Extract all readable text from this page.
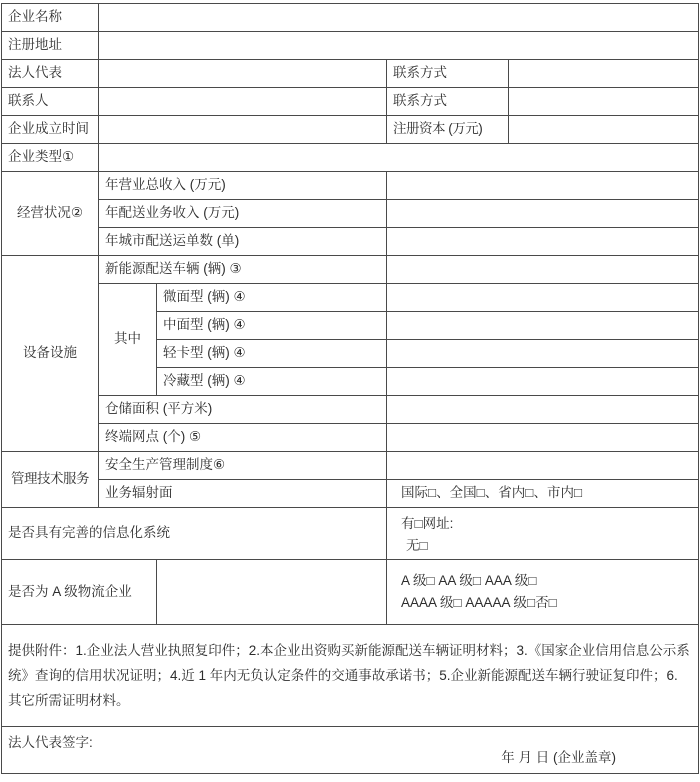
企业名称				
注册地址				
法人代表			联系方式	
联系人			联系方式	
企业成立时间			注册资本 (万元)	
企业类型①				
经营状况②	年营业总收入 (万元)			
	年配送业务收入 (万元)			
	年城市配送运单数 (单)			
设备设施	新能源配送车辆 (辆) ③			
	其中	微面型 (辆) ④		
		中面型 (辆) ④		
		轻卡型 (辆) ④		
		冷藏型 (辆) ④		
	仓储面积 (平方米)			
	终端网点 (个) ⑤			
管理技术服务	安全生产管理制度⑥			
	业务辐射面		国际□、全国□、省内□、市内□	
是否具有完善的信息化系统			有□网址:
无□	

是否为 A 级物流企业			A 级□ AA 级□ AAA 级□
AAAA 级□ AAAAA 级□否□	

提供附件：1.企业法人营业执照复印件；2.本企业出资购买新能源配送车辆证明材料；3.《国家企业信用信息公示系统》查询的信用状况证明；4.近 1 年内无负认定条件的交通事故承诺书；5.企业新能源配送车辆行驶证复印件；6.其它所需证明材料。				
法人代表签字:
年 月 日 (企业盖章)				
